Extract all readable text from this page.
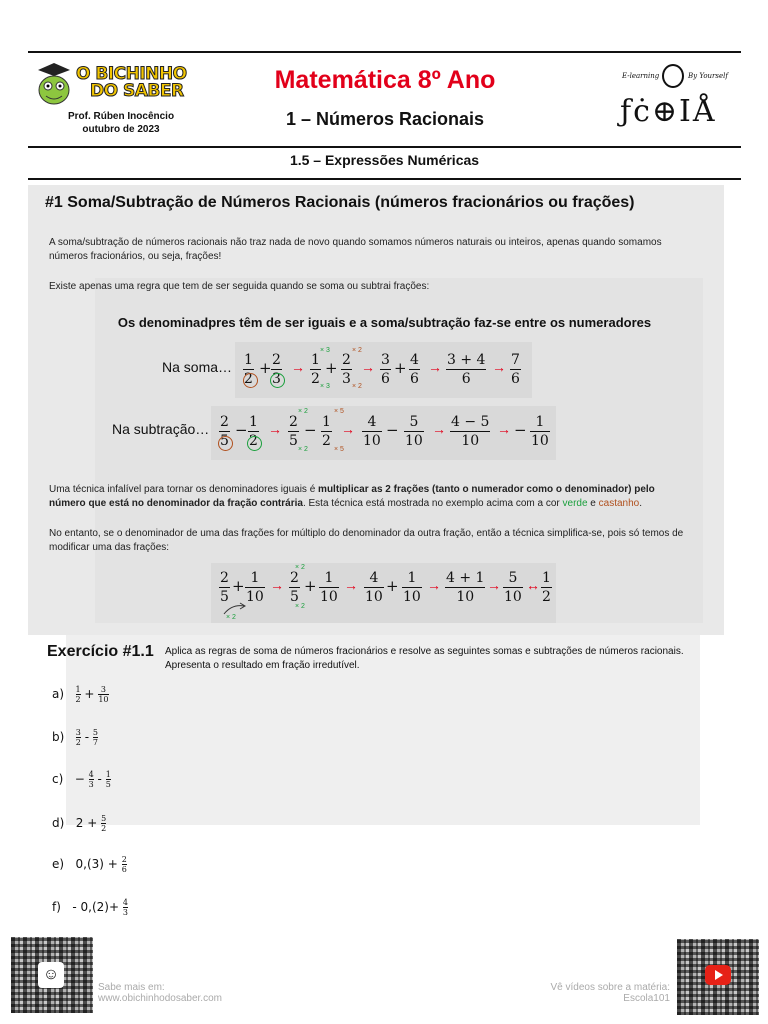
O BICHINHO
DO SABER
Prof. Rúben Inocêncio
outubro de 2023
Matemática 8º Ano
1 – Números Racionais
E-learning	By Yourself
ƒċ⊕IÅ
1.5 – Expressões Numéricas
#1 Soma/Subtração de Números Racionais (números fracionários ou frações)
A soma/subtração de números racionais não traz nada de novo quando somamos números naturais ou inteiros, apenas quando somamos
números fracionários, ou seja, frações!
Existe apenas uma regra que tem de ser seguida quando se soma ou subtrai frações:
Os denominadpres têm de ser iguais e a soma/subtração faz-se entre os numeradores
Na soma… 1
2
+ 2
3
→ 1
2
× 3
× 3
+ 2
3
× 2
× 2
→ 3
6
+ 4
6
→ 3 + 4
6
→ 7
6
Na subtração… 2
5
− 1
2
→ 2
5
× 2
× 2
− 1
2
× 5
× 5
→ 4
10
− 5
10
→ 4 − 5
10
→ − 1
10
Uma técnica infalível para tornar os denominadores iguais é multiplicar as 2 frações (tanto o numerador como o denominador) pelo
número que está no denominador da fração contrária. Esta técnica está mostrada no exemplo acima com a cor verde e castanho.
No entanto, se o denominador de uma das frações for múltiplo do denominador da outra fração, então a técnica simplifica-se, pois só temos de
modificar uma das frações:
2
5
+ 1
10
× 2
→ 2
5
× 2
× 2
+ 1
10
→ 4
10
+ 1
10
→ 4 + 1
10
→ 5
10
↔ 1
2
Exercício #1.1 Aplica as regras de soma de números fracionários e resolve as seguintes somas e subtrações de números racionais.
Apresenta o resultado em fração irredutível.
$a) \frac{1}{2} + \frac{3}{10}$
$b) \frac{3}{2} - \frac{5}{7}$
$c) - \frac{4}{3} - \frac{1}{5}$
d) $2 + \frac{5}{2}$
e) $0,(3) + \frac{2}{6}$
$f) - 0,(2)+ \frac{4}{3}$
☺
Sabe mais em:
www.obichinhodosaber.com
Vê vídeos sobre a matéria:
Escola101
